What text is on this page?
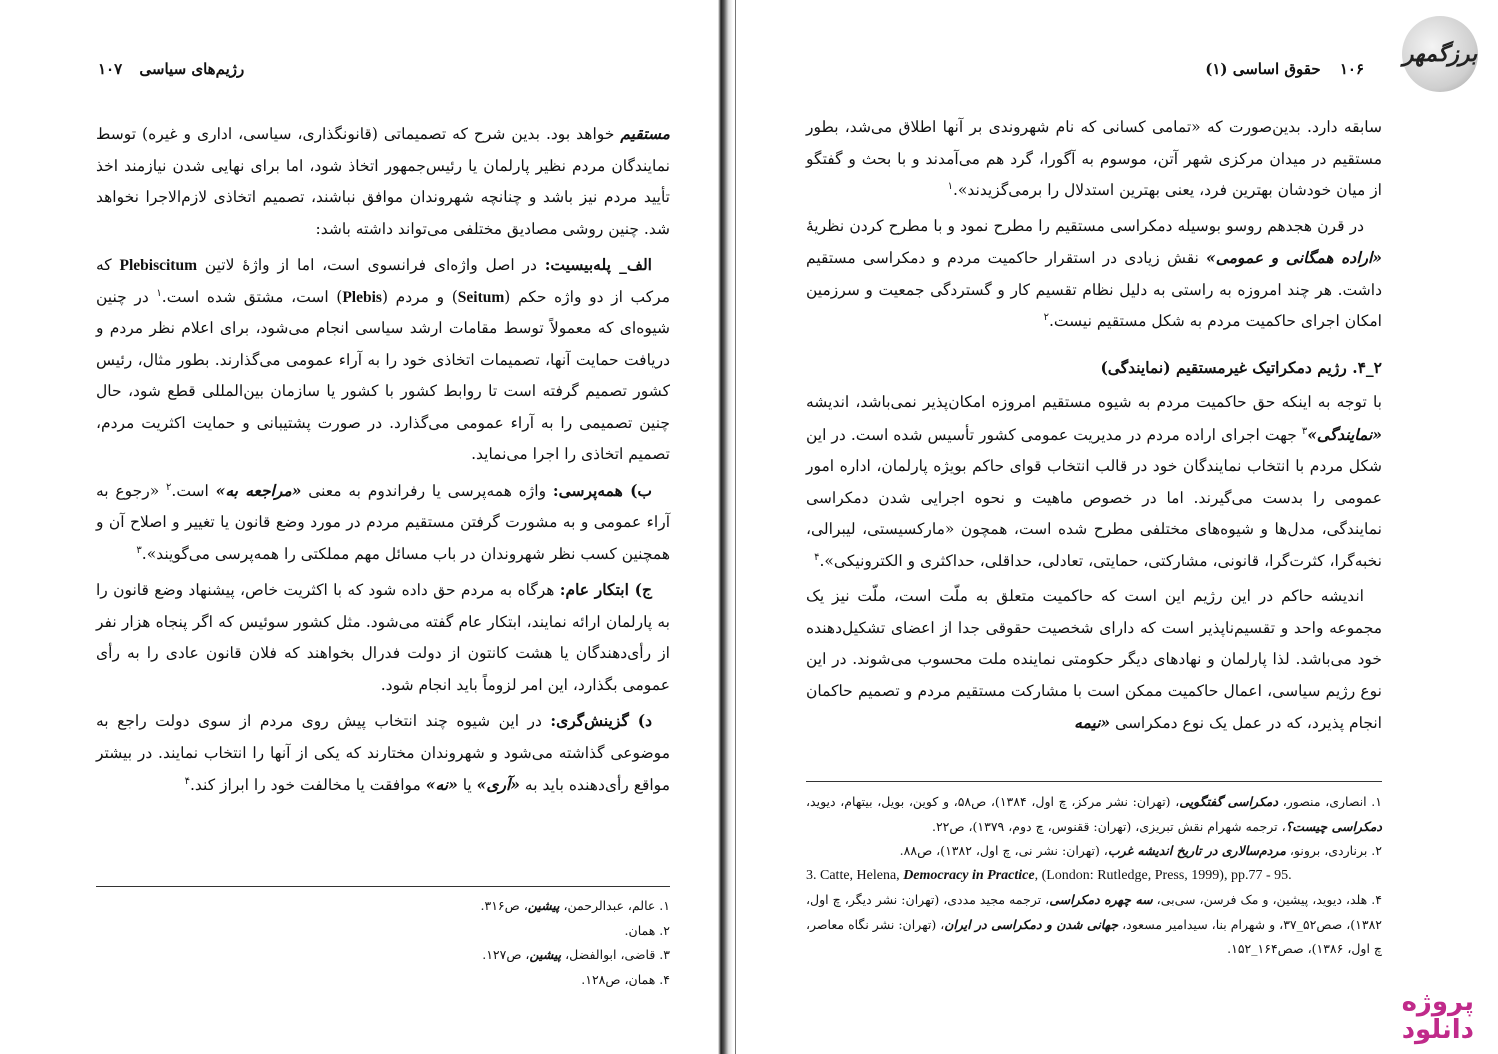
رژیم‌های سیاسی ۱۰۷

مستقیم خواهد بود. بدین شرح که تصمیماتی (قانونگذاری، سیاسی، اداری و غیره) توسط نمایندگان مردم نظیر پارلمان یا رئیس‌جمهور اتخاذ شود، اما برای نهایی شدن نیازمند اخذ تأیید مردم نیز باشد و چنانچه شهروندان موافق نباشند، تصمیم اتخاذی لازم‌الاجرا نخواهد شد. چنین روشی مصادیق مختلفی می‌تواند داشته باشد:

الف_ پله‌بیسیت: در اصل واژه‌ای فرانسوی است، اما از واژهٔ لاتین Plebiscitum که مرکب از دو واژه حکم (Seitum) و مردم (Plebis) است، مشتق شده است.$^۱$ در چنین شیوه‌ای که معمولاً توسط مقامات ارشد سیاسی انجام می‌شود، برای اعلام نظر مردم و دریافت حمایت آنها، تصمیمات اتخاذی خود را به آراء عمومی می‌گذارند. بطور مثال، رئیس کشور تصمیم گرفته است تا روابط کشور با کشور یا سازمان بین‌المللی قطع شود، حال چنین تصمیمی را به آراء عمومی می‌گذارد. در صورت پشتیبانی و حمایت اکثریت مردم، تصمیم اتخاذی را اجرا می‌نماید.

ب) همه‌پرسی: واژه همه‌پرسی یا رفراندوم به معنی «مراجعه به» است.$^۲$ «رجوع به آراء عمومی و به مشورت گرفتن مستقیم مردم در مورد وضع قانون یا تغییر و اصلاح آن و همچنین کسب نظر شهروندان در باب مسائل مهم مملکتی را همه‌پرسی می‌گویند».$^۳$

ج) ابتکار عام: هرگاه به مردم حق داده شود که با اکثریت خاص، پیشنهاد وضع قانون را به پارلمان ارائه نمایند، ابتکار عام گفته می‌شود. مثل کشور سوئیس که اگر پنجاه هزار نفر از رأی‌دهندگان یا هشت کانتون از دولت فدرال بخواهند که فلان قانون عادی را به رأی عمومی بگذارد، این امر لزوماً باید انجام شود.

د) گزینش‌گری: در این شیوه چند انتخاب پیش روی مردم از سوی دولت راجع به موضوعی گذاشته می‌شود و شهروندان مختارند که یکی از آنها را انتخاب نمایند. در بیشتر مواقع رأی‌دهنده باید به «آری» یا «نه» موافقت یا مخالفت خود را ابراز کند.$^۴$

۱. عالم، عبدالرحمن، پیشین، ص۳۱۶.

۲. همان.

۳. قاضی، ابوالفضل، پیشین، ص۱۲۷.

۴. همان، ص۱۲۸.

برزگمهر
۱۰۶ حقوق اساسی (۱)

سابقه دارد. بدین‌صورت که «تمامی کسانی که نام شهروندی بر آنها اطلاق می‌شد، بطور مستقیم در میدان مرکزی شهر آتن، موسوم به آگورا، گرد هم می‌آمدند و با بحث و گفتگو از میان خودشان بهترین فرد، یعنی بهترین استدلال را برمی‌گزیدند».$^۱$

در قرن هجدهم روسو بوسیله دمکراسی مستقیم را مطرح نمود و با مطرح کردن نظریهٔ «اراده همگانی و عمومی» نقش زیادی در استقرار حاکمیت مردم و دمکراسی مستقیم داشت. هر چند امروزه به راستی به دلیل نظام تقسیم کار و گستردگی جمعیت و سرزمین امکان اجرای حاکمیت مردم به شکل مستقیم نیست.$^۲$

۲_۴. رژیم دمکراتیک غیرمستقیم (نمایندگی)

با توجه به اینکه حق حاکمیت مردم به شیوه مستقیم امروزه امکان‌پذیر نمی‌باشد، اندیشه «نمایندگی»$^۳$ جهت اجرای اراده مردم در مدیریت عمومی کشور تأسیس شده است. در این شکل مردم با انتخاب نمایندگان خود در قالب انتخاب قوای حاکم بویژه پارلمان، اداره امور عمومی را بدست می‌گیرند. اما در خصوص ماهیت و نحوه اجرایی شدن دمکراسی نمایندگی، مدل‌ها و شیوه‌های مختلفی مطرح شده است، همچون «مارکسیستی، لیبرالی، نخبه‌گرا، کثرت‌گرا، قانونی، مشارکتی، حمایتی، تعادلی، حداقلی، حداکثری و الکترونیکی».$^۴$

اندیشه حاکم در این رژیم این است که حاکمیت متعلق به ملّت است، ملّت نیز یک مجموعه واحد و تقسیم‌ناپذیر است که دارای شخصیت حقوقی جدا از اعضای تشکیل‌دهنده خود می‌باشد. لذا پارلمان و نهادهای دیگر حکومتی نماینده ملت محسوب می‌شوند. در این نوع رژیم سیاسی، اعمال حاکمیت ممکن است با مشارکت مستقیم مردم و تصمیم حاکمان انجام پذیرد، که در عمل یک نوع دمکراسی «نیمه

۱. انصاری، منصور، دمکراسی گفتگویی، (تهران: نشر مرکز، چ اول، ۱۳۸۴)، ص۵۸، و کوین، بویل، بیتهام، دیوید، دمکراسی چیست؟، ترجمه شهرام نقش تبریزی، (تهران: ققنوس، چ دوم، ۱۳۷۹)، ص۲۲.

۲. برناردی، برونو، مردم‌سالاری در تاریخ اندیشه غرب، (تهران: نشر نی، چ اول، ۱۳۸۲)، ص۸۸.

3. Catte, Helena, Democracy in Practice, (London: Rutledge, Press, 1999), pp.77 - 95.

۴. هلد، دیوید، پیشین، و مک فرسن، سی‌بی، سه چهره دمکراسی، ترجمه مجید مددی، (تهران: نشر دیگر، چ اول، ۱۳۸۲)، صص۵۲_۳۷، و شهرام بنا، سیدامیر مسعود، جهانی شدن و دمکراسی در ایران، (تهران: نشر نگاه معاصر، چ اول، ۱۳۸۶)، صص۱۶۴_۱۵۲.

پروژه
دانلود
